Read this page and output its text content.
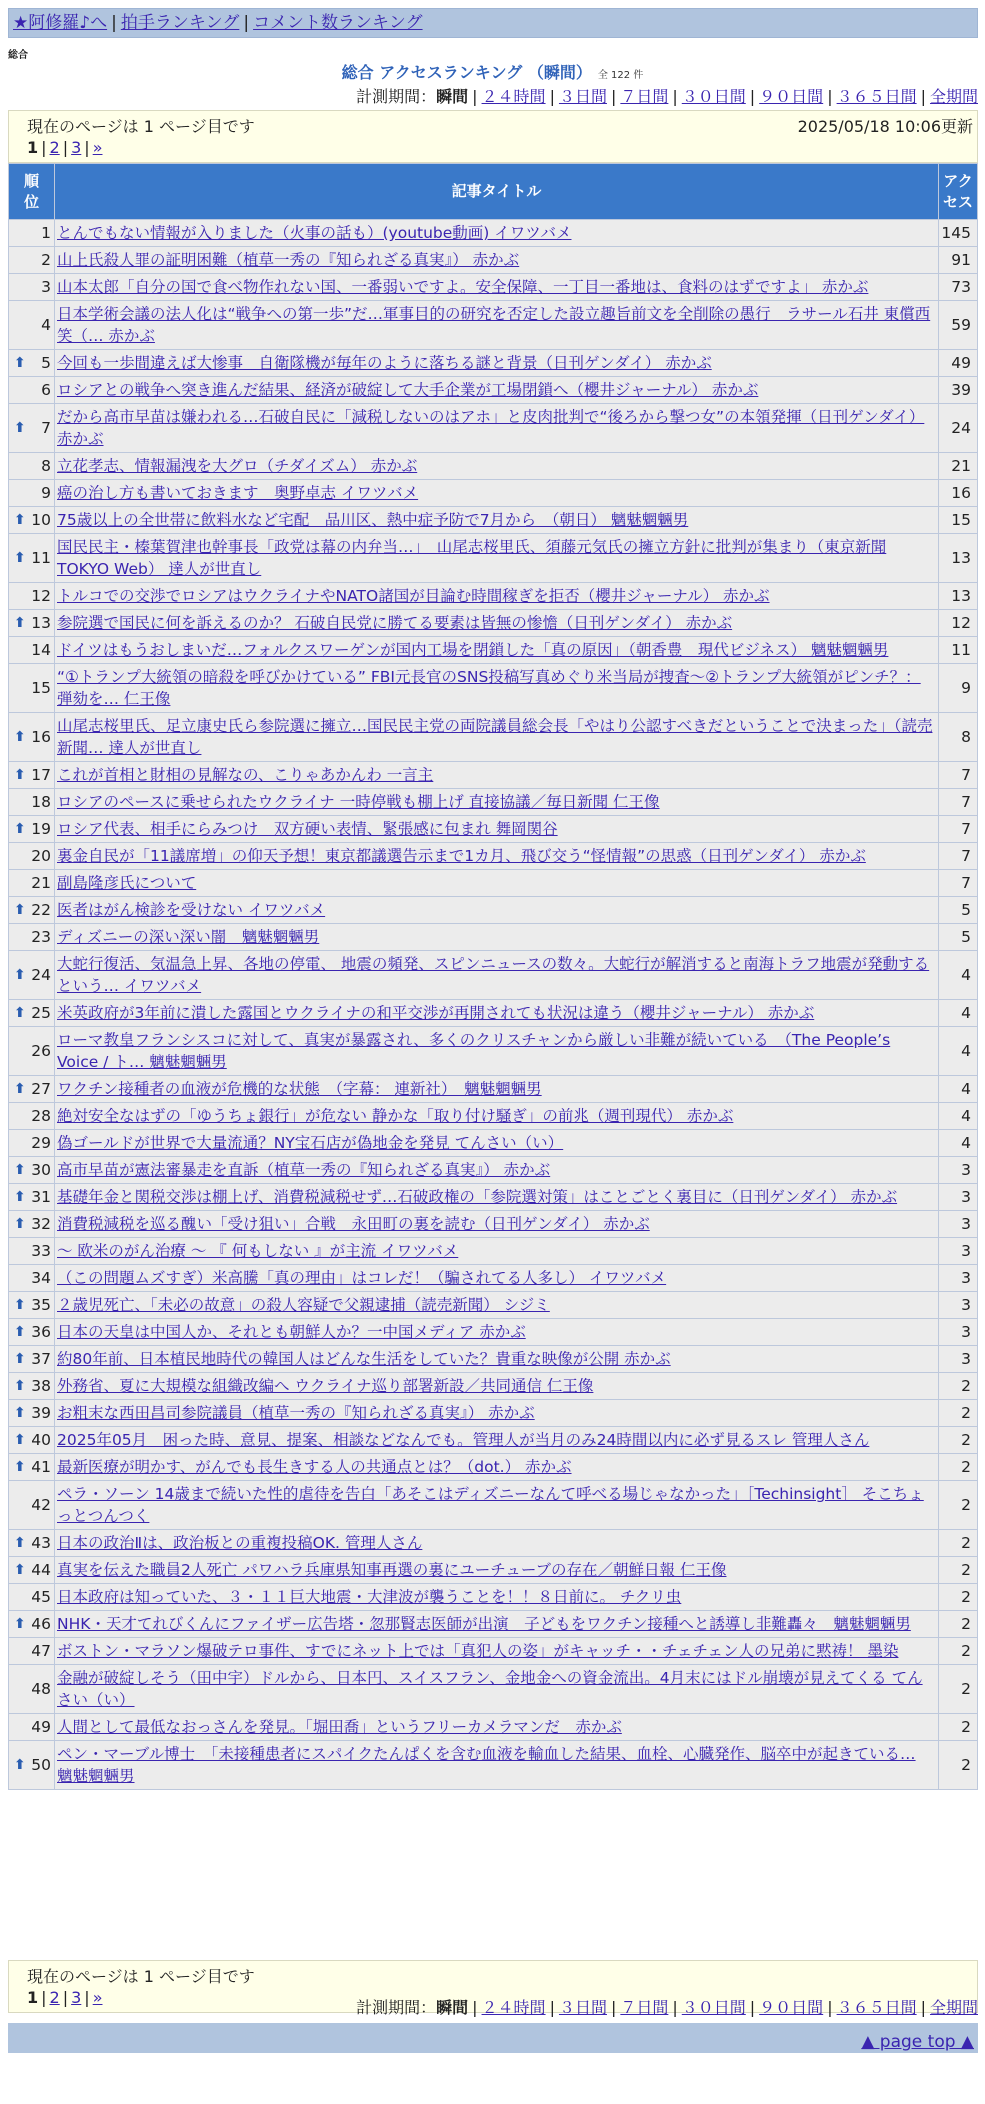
★阿修羅♪へ | 拍手ランキング | コメント数ランキング
総合
総合 アクセスランキング （瞬間） 全 122 件
計測期間：瞬間 | ２４時間 | ３日間 | ７日間 | ３０日間 | ９０日間 | ３６５日間 | 全期間
現在のページは 1 ページ目です	2025/05/18 10:06更新
1 | 2 | 3 | »
順位	記事タイトル	アクセス
1	とんでもない情報が入りました（火事の話も）(youtube動画) イワツバメ	145
2	山上氏殺人罪の証明困難（植草一秀の『知られざる真実』） 赤かぶ	91
3	山本太郎「自分の国で食べ物作れない国、一番弱いですよ。安全保障、一丁目一番地は、食料のはずですよ」 赤かぶ	73
4	日本学術会議の法人化は“戦争への第一歩”だ…軍事目的の研究を否定した設立趣旨前文を全削除の愚行　ラサール石井 東償西笑（… 赤かぶ	59

⬆ 5	今回も一歩間違えば大惨事　自衛隊機が毎年のように落ちる謎と背景（日刊ゲンダイ） 赤かぶ	49
6	ロシアとの戦争へ突き進んだ結果、経済が破綻して大手企業が工場閉鎖へ（櫻井ジャーナル） 赤かぶ	39

⬆ 7	だから高市早苗は嫌われる…石破自民に「減税しないのはアホ」と皮肉批判で“後ろから撃つ女”の本領発揮（日刊ゲンダイ） 赤かぶ	24
8	立花孝志、情報漏洩を大グロ（チダイズム） 赤かぶ	21
9	癌の治し方も書いておきます　奥野卓志 イワツバメ	16

⬆ 10	75歳以上の全世帯に飲料水など宅配　品川区、熱中症予防で7月から　（朝日） 魑魅魍魎男	15

⬆ 11	国民民主・榛葉賀津也幹事長「政党は幕の内弁当…」　山尾志桜里氏、須藤元気氏の擁立方針に批判が集まり（東京新聞TOKYO Web） 達人が世直し	13
12	トルコでの交渉でロシアはウクライナやNATO諸国が目論む時間稼ぎを拒否（櫻井ジャーナル） 赤かぶ	13

⬆ 13	参院選で国民に何を訴えるのか？ 石破自民党に勝てる要素は皆無の惨憺（日刊ゲンダイ） 赤かぶ	12
14	ドイツはもうおしまいだ…フォルクスワーゲンが国内工場を閉鎖した「真の原因」（朝香豊　現代ビジネス） 魑魅魍魎男	11
15	“①トランプ大統領の暗殺を呼びかけている” FBI元長官のSNS投稿写真めぐり米当局が捜査～②トランプ大統領がピンチ？：弾劾を… 仁王像	9

⬆ 16	山尾志桜里氏、足立康史氏ら参院選に擁立…国民民主党の両院議員総会長「やはり公認すべきだということで決まった」（読売新聞… 達人が世直し	8

⬆ 17	これが首相と財相の見解なの、こりゃあかんわ 一言主	7
18	ロシアのペースに乗せられたウクライナ 一時停戦も棚上げ 直接協議／毎日新聞 仁王像	7

⬆ 19	ロシア代表、相手にらみつけ　双方硬い表情、緊張感に包まれ 舞岡関谷	7
20	裏金自民が「11議席増」の仰天予想！東京都議選告示まで1カ月、飛び交う“怪情報”の思惑（日刊ゲンダイ） 赤かぶ	7
21	副島隆彦氏について	7

⬆ 22	医者はがん検診を受けない イワツバメ	5
23	ディズニーの深い深い闇　魑魅魍魎男	5

⬆ 24	大蛇行復活、気温急上昇、各地の停電、 地震の頻発、スピンニュースの数々。大蛇行が解消すると南海トラフ地震が発動するという… イワツバメ	4

⬆ 25	米英政府が3年前に潰した露国とウクライナの和平交渉が再開されても状況は違う（櫻井ジャーナル） 赤かぶ	4
26	ローマ教皇フランシスコに対して、真実が暴露され、多くのクリスチャンから厳しい非難が続いている　（The People’s Voice / ト… 魑魅魍魎男	4

⬆ 27	ワクチン接種者の血液が危機的な状態　（字幕： 連新社）　魑魅魍魎男	4
28	絶対安全なはずの「ゆうちょ銀行」が危ない 静かな「取り付け騒ぎ」の前兆（週刊現代） 赤かぶ	4
29	偽ゴールドが世界で大量流通？NY宝石店が偽地金を発見 てんさい（い）	4

⬆ 30	高市早苗が憲法審暴走を直訴（植草一秀の『知られざる真実』） 赤かぶ	3

⬆ 31	基礎年金と関税交渉は棚上げ、消費税減税せず…石破政権の「参院選対策」はことごとく裏目に（日刊ゲンダイ） 赤かぶ	3

⬆ 32	消費税減税を巡る醜い「受け狙い」合戦　永田町の裏を読む（日刊ゲンダイ） 赤かぶ	3
33	～ 欧米のがん治療 ～ 『 何もしない 』が主流 イワツバメ	3
34	（この問題ムズすぎ）米高騰「真の理由」はコレだ！（騙されてる人多し） イワツバメ	3

⬆ 35	２歳児死亡、「未必の故意」の殺人容疑で父親逮捕（読売新聞） シジミ	3

⬆ 36	日本の天皇は中国人か、それとも朝鮮人か？一中国メディア 赤かぶ	3

⬆ 37	約80年前、日本植民地時代の韓国人はどんな生活をしていた？貴重な映像が公開 赤かぶ	3

⬆ 38	外務省、夏に大規模な組織改編へ ウクライナ巡り部署新設／共同通信 仁王像	2

⬆ 39	お粗末な西田昌司参院議員（植草一秀の『知られざる真実』） 赤かぶ	2

⬆ 40	2025年05月　困った時、意見、提案、相談などなんでも。管理人が当月のみ24時間以内に必ず見るスレ 管理人さん	2

⬆ 41	最新医療が明かす、がんでも長生きする人の共通点とは？（dot.） 赤かぶ	2
42	ペラ・ソーン 14歳まで続いた性的虐待を告白「あそこはディズニーなんて呼べる場じゃなかった」［Techinsight］ そこちょっとつんつく	2

⬆ 43	日本の政治Ⅱは、政治板との重複投稿OK. 管理人さん	2

⬆ 44	真実を伝えた職員2人死亡 パワハラ兵庫県知事再選の裏にユーチューブの存在／朝鮮日報 仁王像	2
45	日本政府は知っていた、３・１１巨大地震・大津波が襲うことを！！８日前に。 チクリ虫	2

⬆ 46	NHK・天才てれびくんにファイザー広告塔・忽那賢志医師が出演　子どもをワクチン接種へと誘導し非難轟々　魑魅魍魎男	2
47	ボストン・マラソン爆破テロ事件、すでにネット上では「真犯人の姿」がキャッチ・・チェチェン人の兄弟に黙祷！ 墨染	2
48	金融が破綻しそう（田中宇）ドルから、日本円、スイスフラン、金地金への資金流出。4月末にはドル崩壊が見えてくる てんさい（い）	2
49	人間として最低なおっさんを発見。「堀田喬」というフリーカメラマンだ　赤かぶ	2

⬆ 50	ペン・マーブル博士　「未接種患者にスパイクたんぱくを含む血液を輸血した結果、血栓、心臓発作、脳卒中が起きている… 魑魅魍魎男	2
現在のページは 1 ページ目です
1 | 2 | 3 | »
計測期間：瞬間 | ２４時間 | ３日間 | ７日間 | ３０日間 | ９０日間 | ３６５日間 | 全期間
▲ page top ▲
